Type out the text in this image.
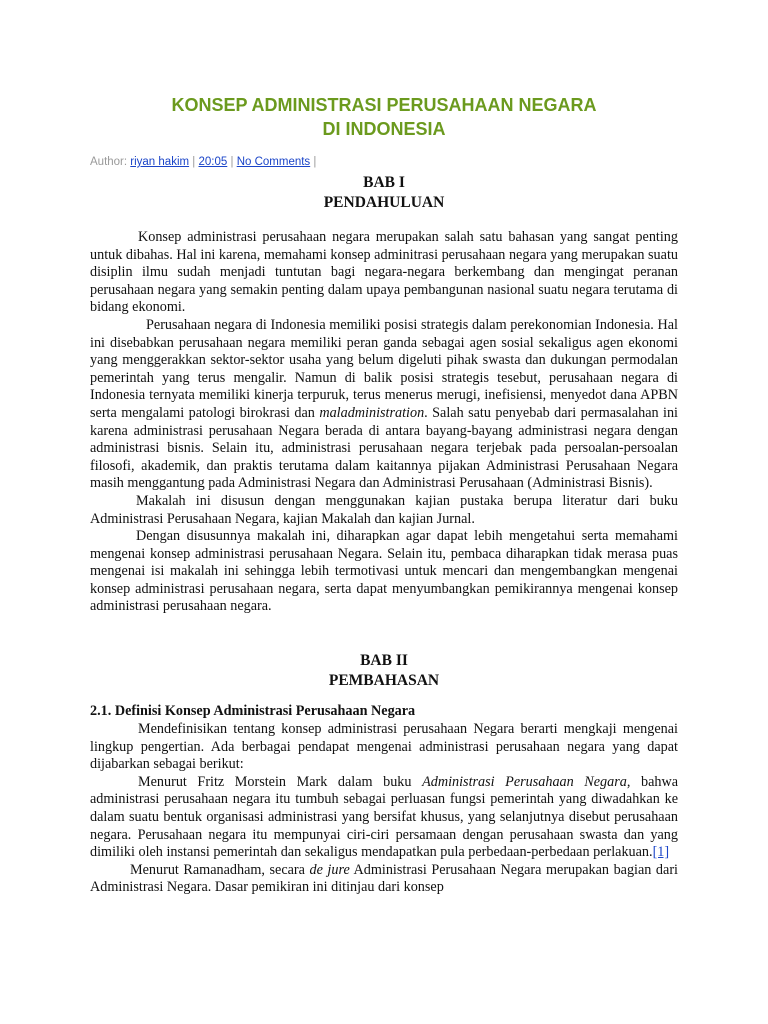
KONSEP ADMINISTRASI PERUSAHAAN NEGARA
DI INDONESIA
Author: riyan hakim | 20:05 | No Comments |
BAB I
PENDAHULUAN

Konsep administrasi perusahaan negara merupakan salah satu bahasan yang sangat penting untuk dibahas. Hal ini karena, memahami konsep adminitrasi perusahaan negara yang merupakan suatu disiplin ilmu sudah menjadi tuntutan bagi negara-negara berkembang dan mengingat peranan perusahaan negara yang semakin penting dalam upaya pembangunan nasional suatu negara terutama di bidang ekonomi.

Perusahaan negara di Indonesia memiliki posisi strategis dalam perekonomian Indonesia. Hal ini disebabkan perusahaan negara memiliki peran ganda sebagai agen sosial sekaligus agen ekonomi yang menggerakkan sektor-sektor usaha yang belum digeluti pihak swasta dan dukungan permodalan pemerintah yang terus mengalir. Namun di balik posisi strategis tesebut, perusahaan negara di Indonesia ternyata memiliki kinerja terpuruk, terus menerus merugi, inefisiensi, menyedot dana APBN serta mengalami patologi birokrasi dan maladministration. Salah satu penyebab dari permasalahan ini karena administrasi perusahaan Negara berada di antara bayang-bayang administrasi negara dengan administrasi bisnis. Selain itu, administrasi perusahaan negara terjebak pada persoalan-persoalan filosofi, akademik, dan praktis terutama dalam kaitannya pijakan Administrasi Perusahaan Negara masih menggantung pada Administrasi Negara dan Administrasi Perusahaan (Administrasi Bisnis).

Makalah ini disusun dengan menggunakan kajian pustaka berupa literatur dari buku Administrasi Perusahaan Negara, kajian Makalah dan kajian Jurnal.

Dengan disusunnya makalah ini, diharapkan agar dapat lebih mengetahui serta memahami mengenai konsep administrasi perusahaan Negara. Selain itu, pembaca diharapkan tidak merasa puas mengenai isi makalah ini sehingga lebih termotivasi untuk mencari dan mengembangkan mengenai konsep administrasi perusahaan negara, serta dapat menyumbangkan pemikirannya mengenai konsep administrasi perusahaan negara.

BAB II
PEMBAHASAN
2.1. Definisi Konsep Administrasi Perusahaan Negara

Mendefinisikan tentang konsep administrasi perusahaan Negara berarti mengkaji mengenai lingkup pengertian. Ada berbagai pendapat mengenai administrasi perusahaan negara yang dapat dijabarkan sebagai berikut:

Menurut Fritz Morstein Mark dalam buku Administrasi Perusahaan Negara, bahwa administrasi perusahaan negara itu tumbuh sebagai perluasan fungsi pemerintah yang diwadahkan ke dalam suatu bentuk organisasi administrasi yang bersifat khusus, yang selanjutnya disebut perusahaan negara. Perusahaan negara itu mempunyai ciri-ciri persamaan dengan perusahaan swasta dan yang dimiliki oleh instansi pemerintah dan sekaligus mendapatkan pula perbedaan-perbedaan perlakuan.[1]

Menurut Ramanadham, secara de jure Administrasi Perusahaan Negara merupakan bagian dari Administrasi Negara. Dasar pemikiran ini ditinjau dari konsep
